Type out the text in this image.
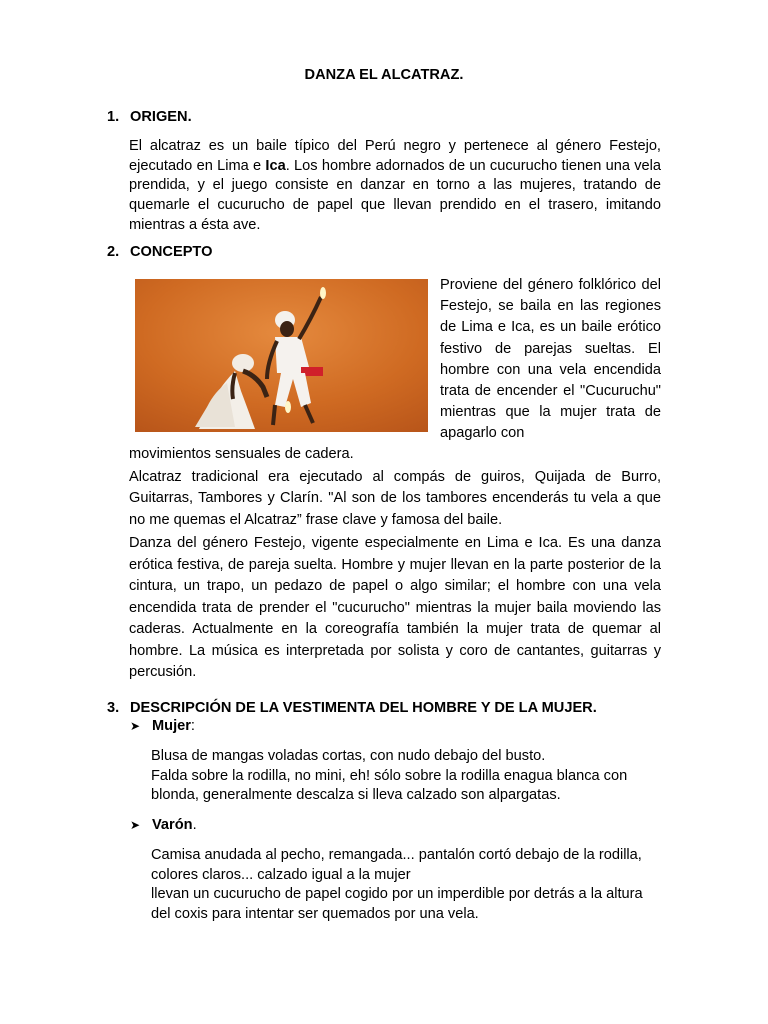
DANZA EL ALCATRAZ.
1. ORIGEN.

El alcatraz es un baile típico del Perú negro y pertenece al género Festejo, ejecutado en Lima e Ica. Los hombre adornados de un cucurucho tienen una vela prendida, y el juego consiste en danzar en torno a las mujeres, tratando de quemarle el cucurucho de papel que llevan prendido en el trasero, imitando mientras a ésta ave.

2. CONCEPTO
Proviene del género folklórico del Festejo, se baila en las regiones de Lima e Ica, es un baile erótico festivo de parejas sueltas. El hombre con una vela encendida trata de encender el "Cucuruchu" mientras que la mujer trata de apagarlo con

movimientos sensuales de cadera.

Alcatraz tradicional era ejecutado al compás de guiros, Quijada de Burro, Guitarras, Tambores y Clarín. "Al son de los tambores encenderás tu vela a que no me quemas el Alcatraz” frase clave y famosa del baile.

Danza del género Festejo, vigente especialmente en Lima e Ica. Es una danza erótica festiva, de pareja suelta. Hombre y mujer llevan en la parte posterior de la cintura, un trapo, un pedazo de papel o algo similar; el hombre con una vela encendida trata de prender el "cucurucho" mientras la mujer baila moviendo las caderas. Actualmente en la coreografía también la mujer trata de quemar al hombre. La música es interpretada por solista y coro de cantantes, guitarras y percusión.

3. DESCRIPCIÓN DE LA VESTIMENTA DEL HOMBRE Y DE LA MUJER.
➤ Mujer:
Blusa de mangas voladas cortas, con nudo debajo del busto.
Falda sobre la rodilla, no mini, eh! sólo sobre la rodilla enagua blanca con
blonda, generalmente descalza si lleva calzado son alpargatas.
➤ Varón.
Camisa anudada al pecho, remangada... pantalón cortó debajo de la rodilla,
colores claros... calzado igual a la mujer
llevan un cucurucho de papel cogido por un imperdible por detrás a la altura
del coxis para intentar ser quemados por una vela.
